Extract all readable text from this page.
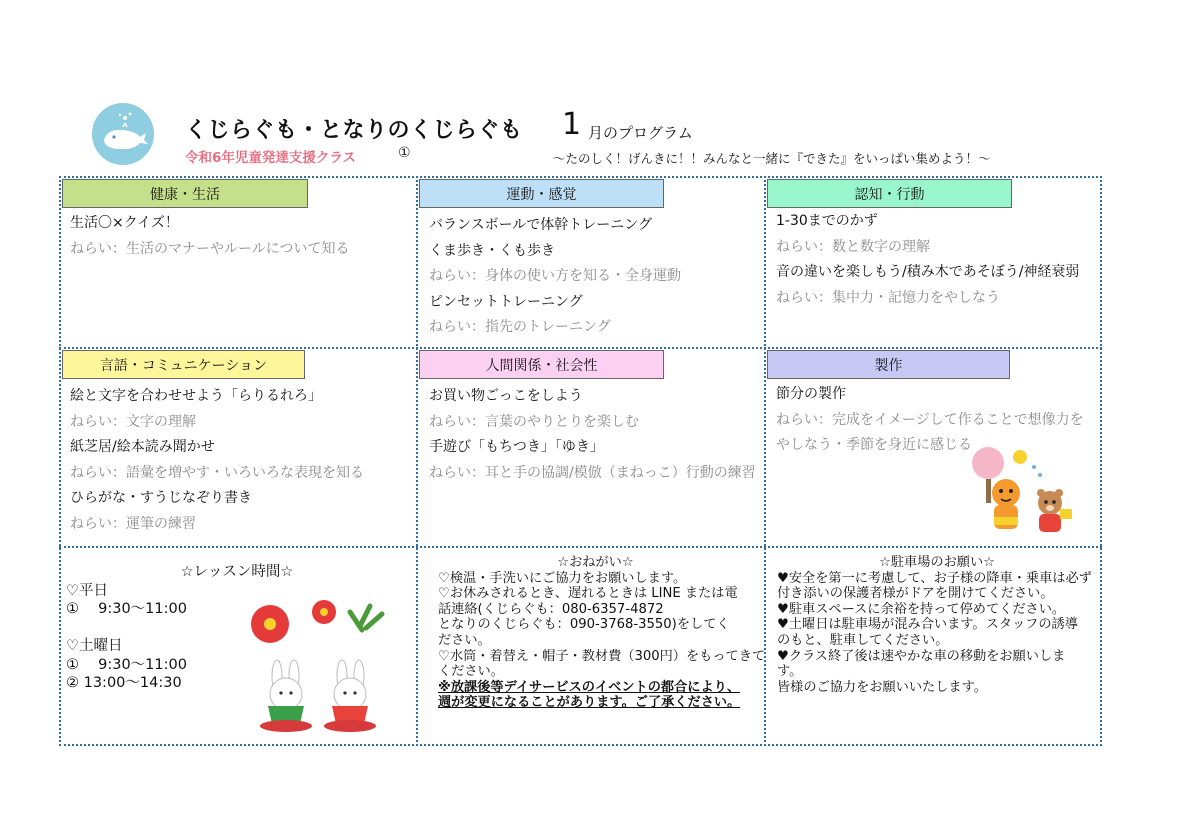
くじらぐも・となりのくじらぐも
令和6年児童発達支援クラス	①
1 月のプログラム
～たのしく！げんきに！！みんなと一緒に『できた』をいっぱい集めよう！～
健康・生活
生活〇×クイズ！
ねらい：生活のマナーやルールについて知る
運動・感覚
バランスボールで体幹トレーニング
くま歩き・くも歩き
ねらい：身体の使い方を知る・全身運動
ピンセットトレーニング
ねらい：指先のトレーニング
認知・行動
1-30までのかず
ねらい：数と数字の理解
音の違いを楽しもう/積み木であそぼう/神経衰弱
ねらい：集中力・記憶力をやしなう
言語・コミュニケーション
絵と文字を合わせせよう「らりるれろ」
ねらい：文字の理解
紙芝居/絵本読み聞かせ
ねらい：語彙を増やす・いろいろな表現を知る
ひらがな・すうじなぞり書き
ねらい：運筆の練習
人間関係・社会性
お買い物ごっこをしよう
ねらい：言葉のやりとりを楽しむ
手遊び「もちつき」「ゆき」
ねらい：耳と手の協調/模倣（まねっこ）行動の練習
製作
節分の製作
ねらい：完成をイメージして作ることで想像力を
やしなう・季節を身近に感じる
☆レッスン時間☆
♡平日
①　 9:30～11:00
♡土曜日
①　 9:30～11:00
② 13:00～14:30
☆おねがい☆
♡検温・手洗いにご協力をお願いします。
♡お休みされるとき、遅れるときは LINE または電
話連絡(くじらぐも：080-6357-4872
となりのくじらぐも：090-3768-3550)をしてく
ださい。
♡水筒・着替え・帽子・教材費（300円）をもってきて
ください。
※放課後等デイサービスのイベントの都合により、
週が変更になることがあります。ご了承ください。
☆駐車場のお願い☆
♥安全を第一に考慮して、お子様の降車・乗車は必ず
付き添いの保護者様がドアを開けてください。
♥駐車スペースに余裕を持って停めてください。
♥土曜日は駐車場が混み合います。スタッフの誘導
のもと、駐車してください。
♥クラス終了後は速やかな車の移動をお願いしま
す。
皆様のご協力をお願いいたします。
